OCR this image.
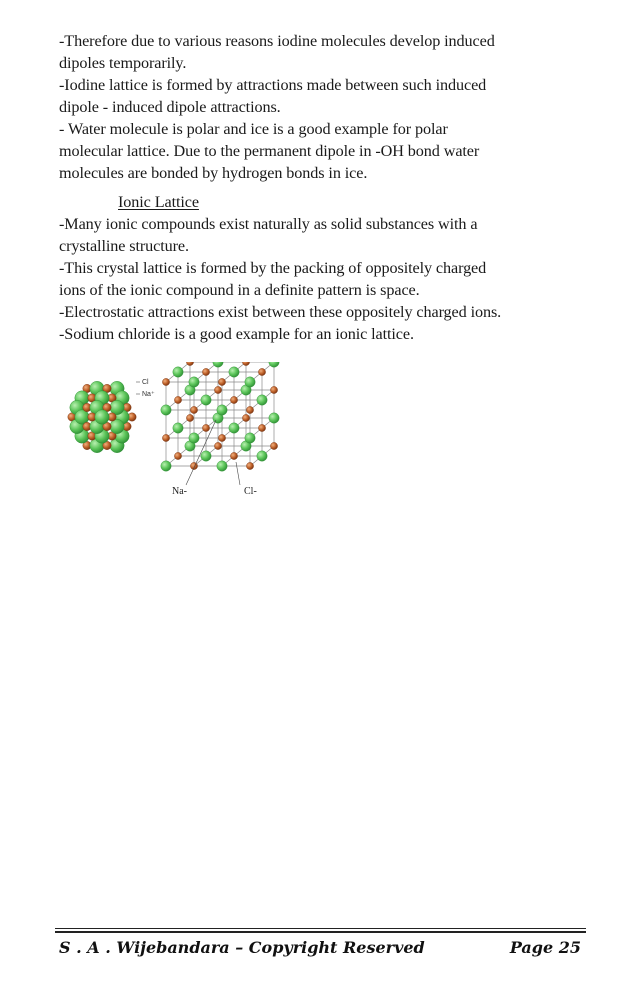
-Therefore due to various reasons iodine molecules develop induced
dipoles temporarily.
-Iodine lattice is formed by attractions made between such induced
dipole - induced dipole attractions.
- Water molecule is polar and ice is a good example for polar
molecular lattice. Due to the permanent dipole in -OH bond water
molecules are bonded by hydrogen bonds in ice.
Ionic Lattice
-Many ionic compounds exist naturally as solid substances with a
crystalline structure.
-This crystal lattice is formed by the packing of oppositely charged
ions of the ionic compound in a definite pattern is space.
-Electrostatic attractions exist between these oppositely charged ions.
-Sodium chloride is a good example for an ionic lattice.
Cl
Na⁺
Na-	Cl-
S . A . Wijebandara – Copyright Reserved	Page 25
